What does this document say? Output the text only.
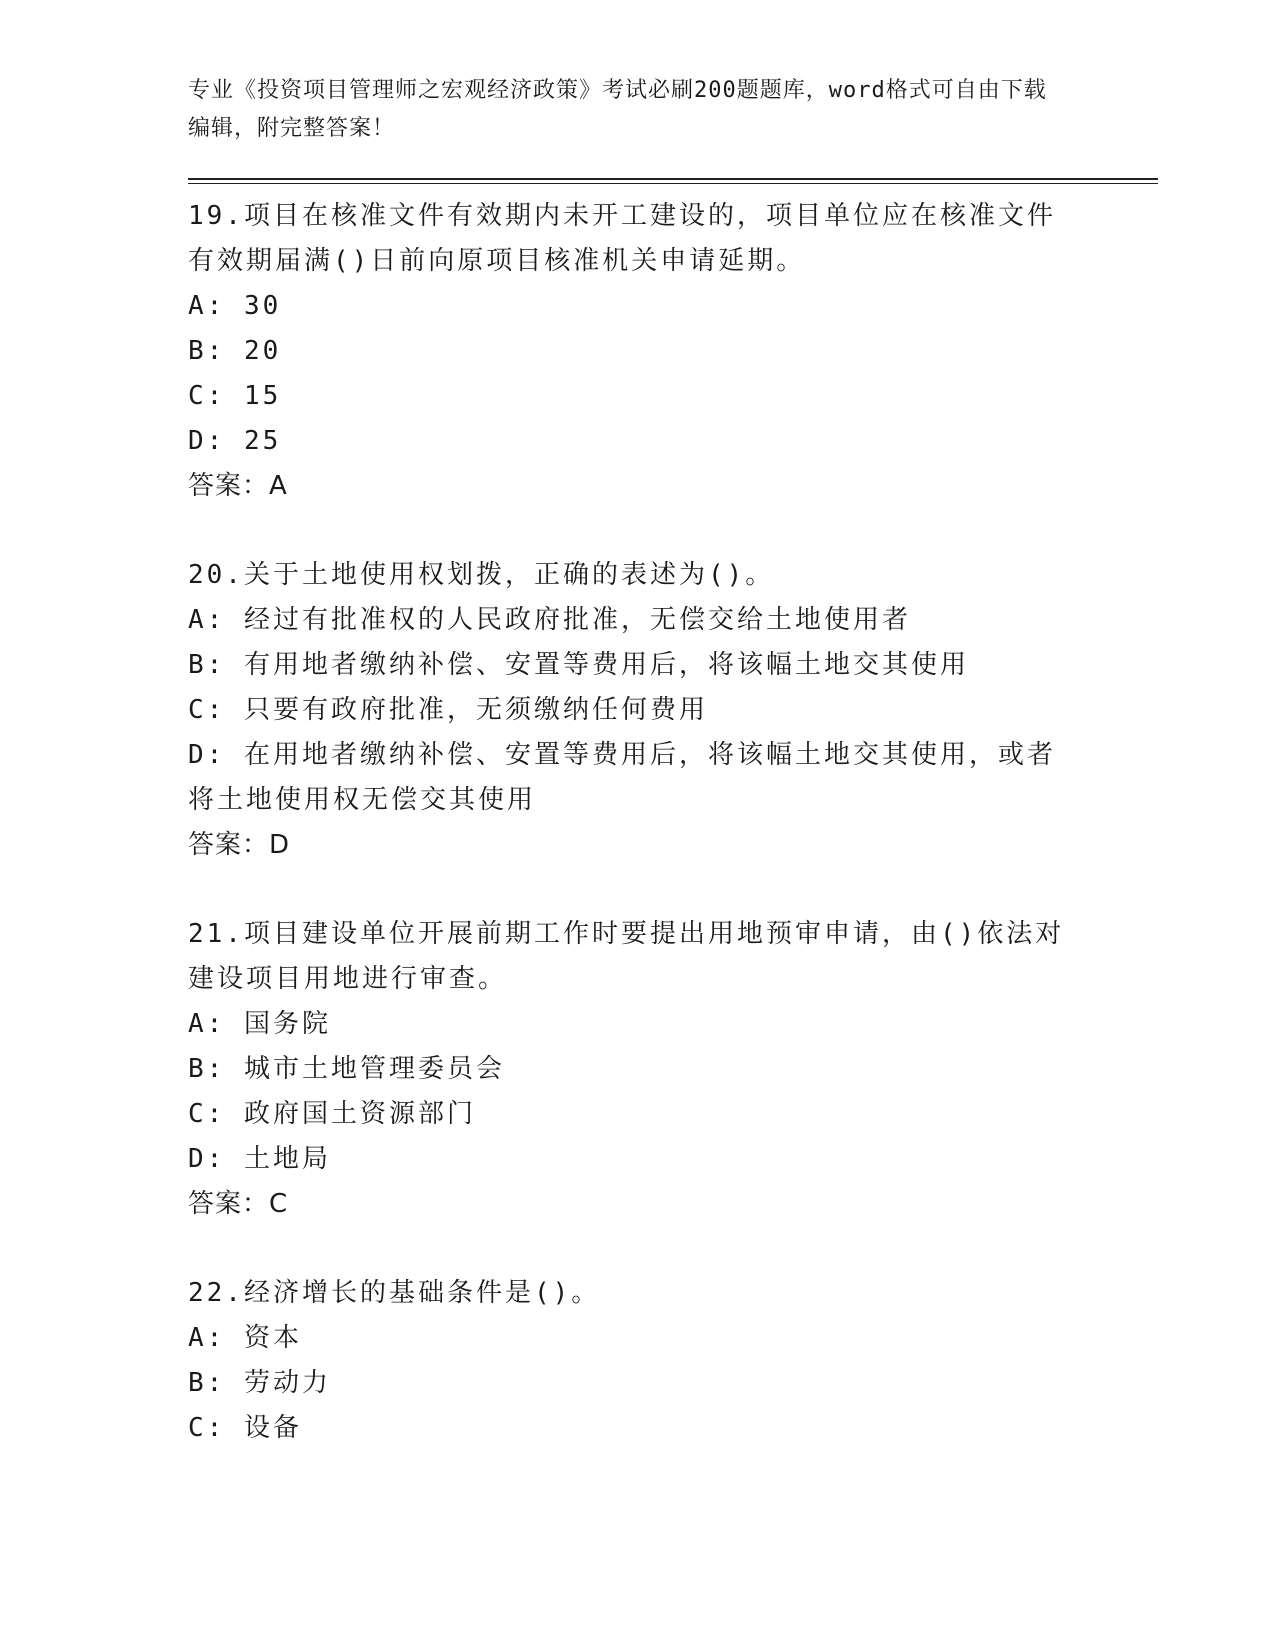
专业《投资项目管理师之宏观经济政策》考试必刷200题题库，word格式可自由下载编辑，附完整答案！

19.项目在核准文件有效期内未开工建设的，项目单位应在核准文件有效期届满()日前向原项目核准机关申请延期。

A: 30

B: 20

C: 15

D: 25

答案：A

20.关于土地使用权划拨，正确的表述为()。

A: 经过有批准权的人民政府批准，无偿交给土地使用者

B: 有用地者缴纳补偿、安置等费用后，将该幅土地交其使用

C: 只要有政府批准，无须缴纳任何费用

D: 在用地者缴纳补偿、安置等费用后，将该幅土地交其使用，或者将土地使用权无偿交其使用

答案：D

21.项目建设单位开展前期工作时要提出用地预审申请，由()依法对建设项目用地进行审查。

A: 国务院

B: 城市土地管理委员会

C: 政府国土资源部门

D: 土地局

答案：C

22.经济增长的基础条件是()。

A: 资本

B: 劳动力

C: 设备
